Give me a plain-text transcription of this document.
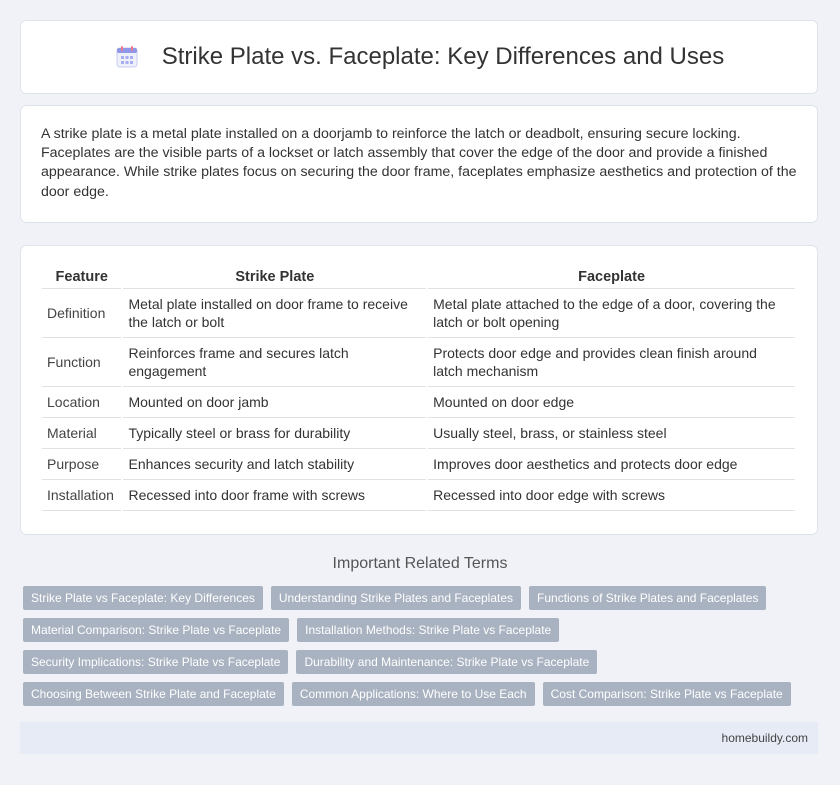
Strike Plate vs. Faceplate: Key Differences and Uses

A strike plate is a metal plate installed on a doorjamb to reinforce the latch or deadbolt, ensuring secure locking. Faceplates are the visible parts of a lockset or latch assembly that cover the edge of the door and provide a finished appearance. While strike plates focus on securing the door frame, faceplates emphasize aesthetics and protection of the door edge.

Feature	Strike Plate	Faceplate
Definition	Metal plate installed on door frame to receive the latch or bolt	Metal plate attached to the edge of a door, covering the latch or bolt opening
Function	Reinforces frame and secures latch engagement	Protects door edge and provides clean finish around latch mechanism
Location	Mounted on door jamb	Mounted on door edge
Material	Typically steel or brass for durability	Usually steel, brass, or stainless steel
Purpose	Enhances security and latch stability	Improves door aesthetics and protects door edge
Installation	Recessed into door frame with screws	Recessed into door edge with screws
Important Related Terms
Strike Plate vs Faceplate: Key Differences	Understanding Strike Plates and Faceplates	Functions of Strike Plates and Faceplates
Material Comparison: Strike Plate vs Faceplate	Installation Methods: Strike Plate vs Faceplate
Security Implications: Strike Plate vs Faceplate	Durability and Maintenance: Strike Plate vs Faceplate
Choosing Between Strike Plate and Faceplate	Common Applications: Where to Use Each	Cost Comparison: Strike Plate vs Faceplate
homebuildy.com
